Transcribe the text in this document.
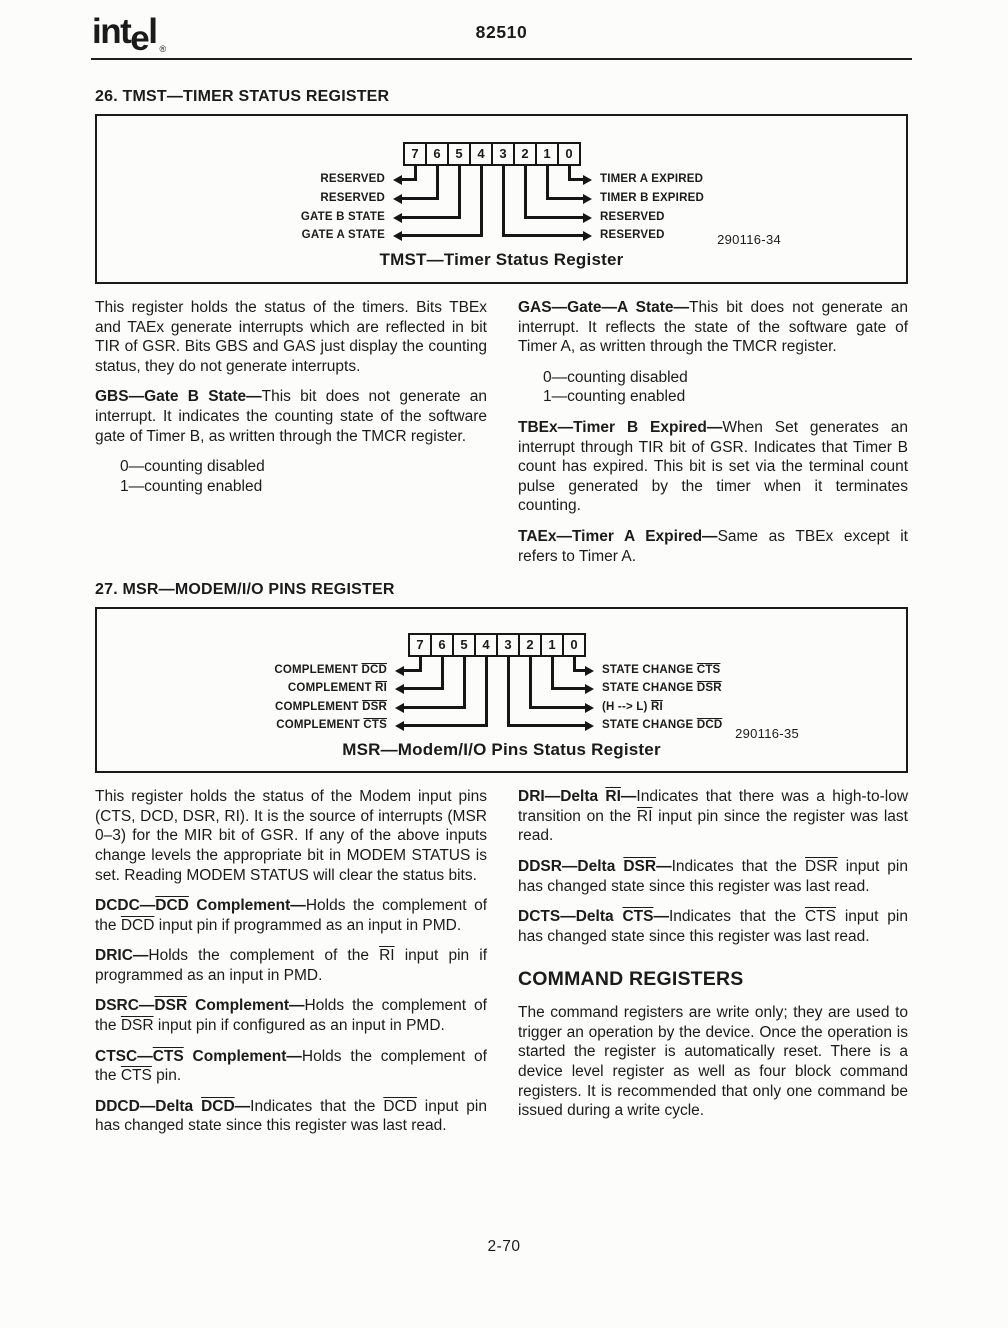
intel ®
82510
26. TMST—TIMER STATUS REGISTER
7	6	5	4	3	2	1	0
RESERVED	TIMER A EXPIRED
RESERVED	TIMER B EXPIRED
GATE B STATE	RESERVED
GATE A STATE	RESERVED
TMST—Timer Status Register
290116-34

This register holds the status of the timers. Bits TBEx and TAEx generate interrupts which are reflected in bit TIR of GSR. Bits GBS and GAS just display the counting status, they do not generate interrupts.

GBS—Gate B State—This bit does not generate an interrupt. It indicates the counting state of the software gate of Timer B, as written through the TMCR register.

0—counting disabled
1—counting enabled

GAS—Gate—A State—This bit does not generate an interrupt. It reflects the state of the software gate of Timer A, as written through the TMCR register.

0—counting disabled
1—counting enabled

TBEx—Timer B Expired—When Set generates an interrupt through TIR bit of GSR. Indicates that Timer B count has expired. This bit is set via the terminal count pulse generated by the timer when it terminates counting.

TAEx—Timer A Expired—Same as TBEx except it refers to Timer A.

27. MSR—MODEM/I/O PINS REGISTER
7	6	5	4	3	2	1	0
COMPLEMENT $\overline{DCD}$	STATE CHANGE $\overline{CTS}$
COMPLEMENT $\overline{RI}$	STATE CHANGE $\overline{DSR}$
COMPLEMENT $\overline{DSR}$	(H --> L) $\overline{RI}$
COMPLEMENT $\overline{CTS}$	STATE CHANGE $\overline{DCD}$
MSR—Modem/I/O Pins Status Register
290116-35

This register holds the status of the Modem input pins (CTS, DCD, DSR, RI). It is the source of interrupts (MSR 0–3) for the MIR bit of GSR. If any of the above inputs change levels the appropriate bit in MODEM STATUS is set. Reading MODEM STATUS will clear the status bits.

$DCDC—\overline{DCD}$ Complement—Holds the complement of the $\overline{DCD}$ input pin if programmed as an input in PMD.

DRIC—Holds the complement of the $\overline{RI}$ input pin if programmed as an input in PMD.

$DSRC—\overline{DSR}$ Complement—Holds the complement of the $\overline{DSR}$ input pin if configured as an input in PMD.

$CTSC—\overline{CTS}$ Complement—Holds the complement of the $\overline{CTS}$ pin.

DDCD—Delta $\overline{DCD}—Indicates$ that the $\overline{DCD}$ input pin has changed state since this register was last read.

DRI—Delta $\overline{RI}—Indicates$ that there was a high-to-low transition on the $\overline{RI}$ input pin since the register was last read.

DDSR—Delta $\overline{DSR}—Indicates$ that the $\overline{DSR}$ input pin has changed state since this register was last read.

DCTS—Delta $\overline{CTS}—Indicates$ that the $\overline{CTS}$ input pin has changed state since this register was last read.

COMMAND REGISTERS

The command registers are write only; they are used to trigger an operation by the device. Once the operation is started the register is automatically reset. There is a device level register as well as four block command registers. It is recommended that only one command be issued during a write cycle.

2-70
